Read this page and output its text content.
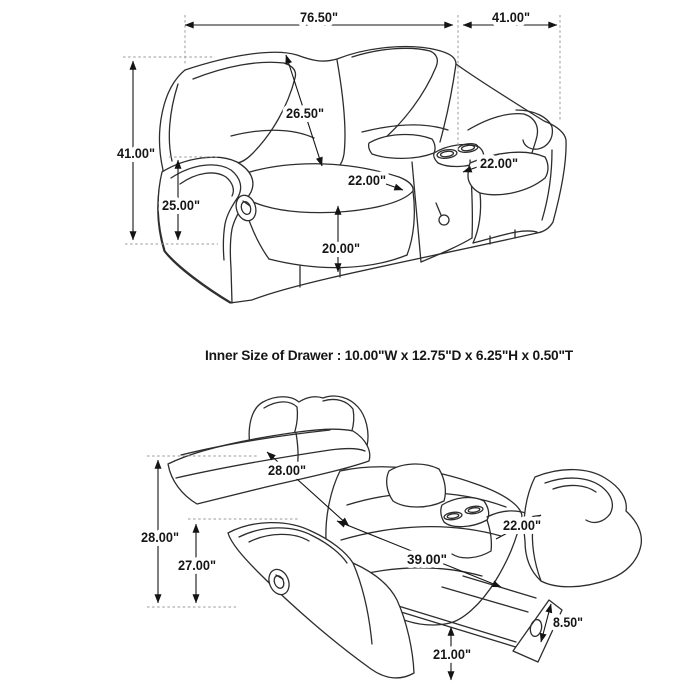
76.50"	41.00"
41.00"
26.50"
25.00"
22.00"
22.00"
20.00"
Inner Size of Drawer : 10.00"W x 12.75"D x 6.25"H x 0.50"T
28.00"
27.00"
28.00"
22.00"
39.00"
8.50"
21.00"
